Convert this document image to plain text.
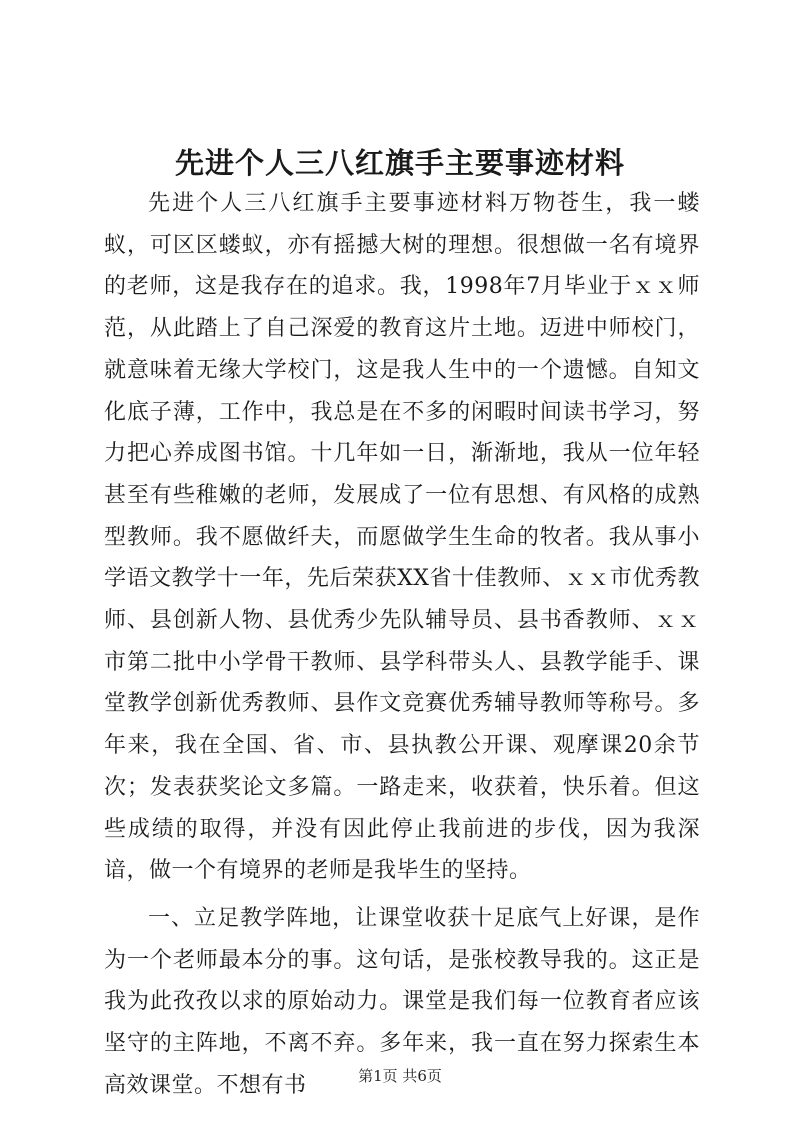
先进个人三八红旗手主要事迹材料

先进个人三八红旗手主要事迹材料万物苍生，我一蝼蚁，可区区蝼蚁，亦有摇撼大树的理想。很想做一名有境界的老师，这是我存在的追求。我，1998年7月毕业于ｘｘ师范，从此踏上了自己深爱的教育这片土地。迈进中师校门，就意味着无缘大学校门，这是我人生中的一个遗憾。自知文化底子薄，工作中，我总是在不多的闲暇时间读书学习，努力把心养成图书馆。十几年如一日，渐渐地，我从一位年轻甚至有些稚嫩的老师，发展成了一位有思想、有风格的成熟型教师。我不愿做纤夫，而愿做学生生命的牧者。我从事小学语文教学十一年，先后荣获XX省十佳教师、ｘｘ市优秀教师、县创新人物、县优秀少先队辅导员、县书香教师、ｘｘ市第二批中小学骨干教师、县学科带头人、县教学能手、课堂教学创新优秀教师、县作文竞赛优秀辅导教师等称号。多年来，我在全国、省、市、县执教公开课、观摩课20余节次；发表获奖论文多篇。一路走来，收获着，快乐着。但这些成绩的取得，并没有因此停止我前进的步伐，因为我深谙，做一个有境界的老师是我毕生的坚持。

一、立足教学阵地，让课堂收获十足底气上好课，是作为一个老师最本分的事。这句话，是张校教导我的。这正是我为此孜孜以求的原始动力。课堂是我们每一位教育者应该坚守的主阵地，不离不弃。多年来，我一直在努力探索生本高效课堂。不想有书	第1页 共6页
